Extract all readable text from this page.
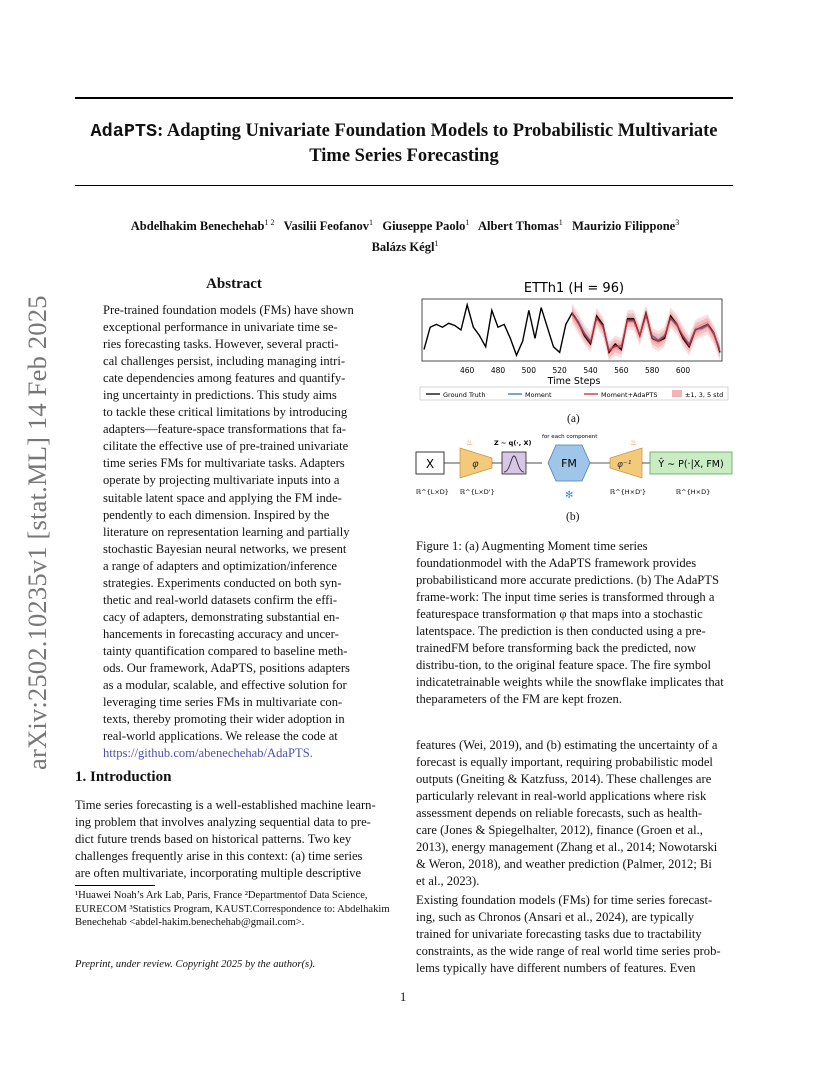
arXiv:2502.10235v1 [stat.ML] 14 Feb 2025
AdaPTS: Adapting Univariate Foundation Models to Probabilistic Multivariate
Time Series Forecasting
Abdelhakim Benechehab$^{1 2}$ Vasilii Feofanov$^1$ Giuseppe Paolo$^1$ Albert Thomas$^1$ Maurizio Filippone$^3$
Balázs Kégl$^1$
Abstract
Pre-trained foundation models (FMs) have shown
exceptional performance in univariate time se-
ries forecasting tasks. However, several practi-
cal challenges persist, including managing intri-
cate dependencies among features and quantify-
ing uncertainty in predictions. This study aims
to tackle these critical limitations by introducing
adapters—feature-space transformations that fa-
cilitate the effective use of pre-trained univariate
time series FMs for multivariate tasks. Adapters
operate by projecting multivariate inputs into a
suitable latent space and applying the FM inde-
pendently to each dimension. Inspired by the
literature on representation learning and partially
stochastic Bayesian neural networks, we present
a range of adapters and optimization/inference
strategies. Experiments conducted on both syn-
thetic and real-world datasets confirm the effi-
cacy of adapters, demonstrating substantial en-
hancements in forecasting accuracy and uncer-
tainty quantification compared to baseline meth-
ods. Our framework, AdaPTS, positions adapters
as a modular, scalable, and effective solution for
leveraging time series FMs in multivariate con-
texts, thereby promoting their wider adoption in
real-world applications. We release the code at
https://github.com/abenechehab/AdaPTS.
1. Introduction
Time series forecasting is a well-established machine learn-
ing problem that involves analyzing sequential data to pre-
dict future trends based on historical patterns. Two key
challenges frequently arise in this context: (a) time series
are often multivariate, incorporating multiple descriptive
¹Huawei Noah’s Ark Lab, Paris, France ²Departmentof Data Science, EURECOM ³Statistics Program, KAUST.Correspondence to: Abdelhakim Benechehab <abdel-hakim.benechehab@gmail.com>.
Preprint, under review. Copyright 2025 by the author(s).
1
ETTh1 (H = 96)
460 480 500 520 540 560 580 600
Time Steps
Ground Truth	Moment	Moment+AdaPTS	±1, 3, 5 std
(a)
X
ℝ^{L×D}
φ
♨
ℝ^{L×D'}
Z ∼ q(·, X)
for each component
FM
✻
φ⁻¹
♨
ℝ^{H×D'}
Ŷ ∼ P(·|X, FM)
ℝ^{H×D}
(b)
Figure 1: (a) Augmenting Moment time series foundationmodel with the AdaPTS framework provides probabilisticand more accurate predictions. (b) The AdaPTS frame-work: The input time series is transformed through a featurespace transformation φ that maps into a stochastic latentspace. The prediction is then conducted using a pre-trainedFM before transforming back the predicted, now distribu-tion, to the original feature space. The fire symbol indicatetrainable weights while the snowflake implicates that theparameters of the FM are kept frozen.
features (Wei, 2019), and (b) estimating the uncertainty of a
forecast is equally important, requiring probabilistic model
outputs (Gneiting & Katzfuss, 2014). These challenges are
particularly relevant in real-world applications where risk
assessment depends on reliable forecasts, such as health-
care (Jones & Spiegelhalter, 2012), finance (Groen et al.,
2013), energy management (Zhang et al., 2014; Nowotarski
& Weron, 2018), and weather prediction (Palmer, 2012; Bi
et al., 2023).
Existing foundation models (FMs) for time series forecast-
ing, such as Chronos (Ansari et al., 2024), are typically
trained for univariate forecasting tasks due to tractability
constraints, as the wide range of real world time series prob-
lems typically have different numbers of features. Even
